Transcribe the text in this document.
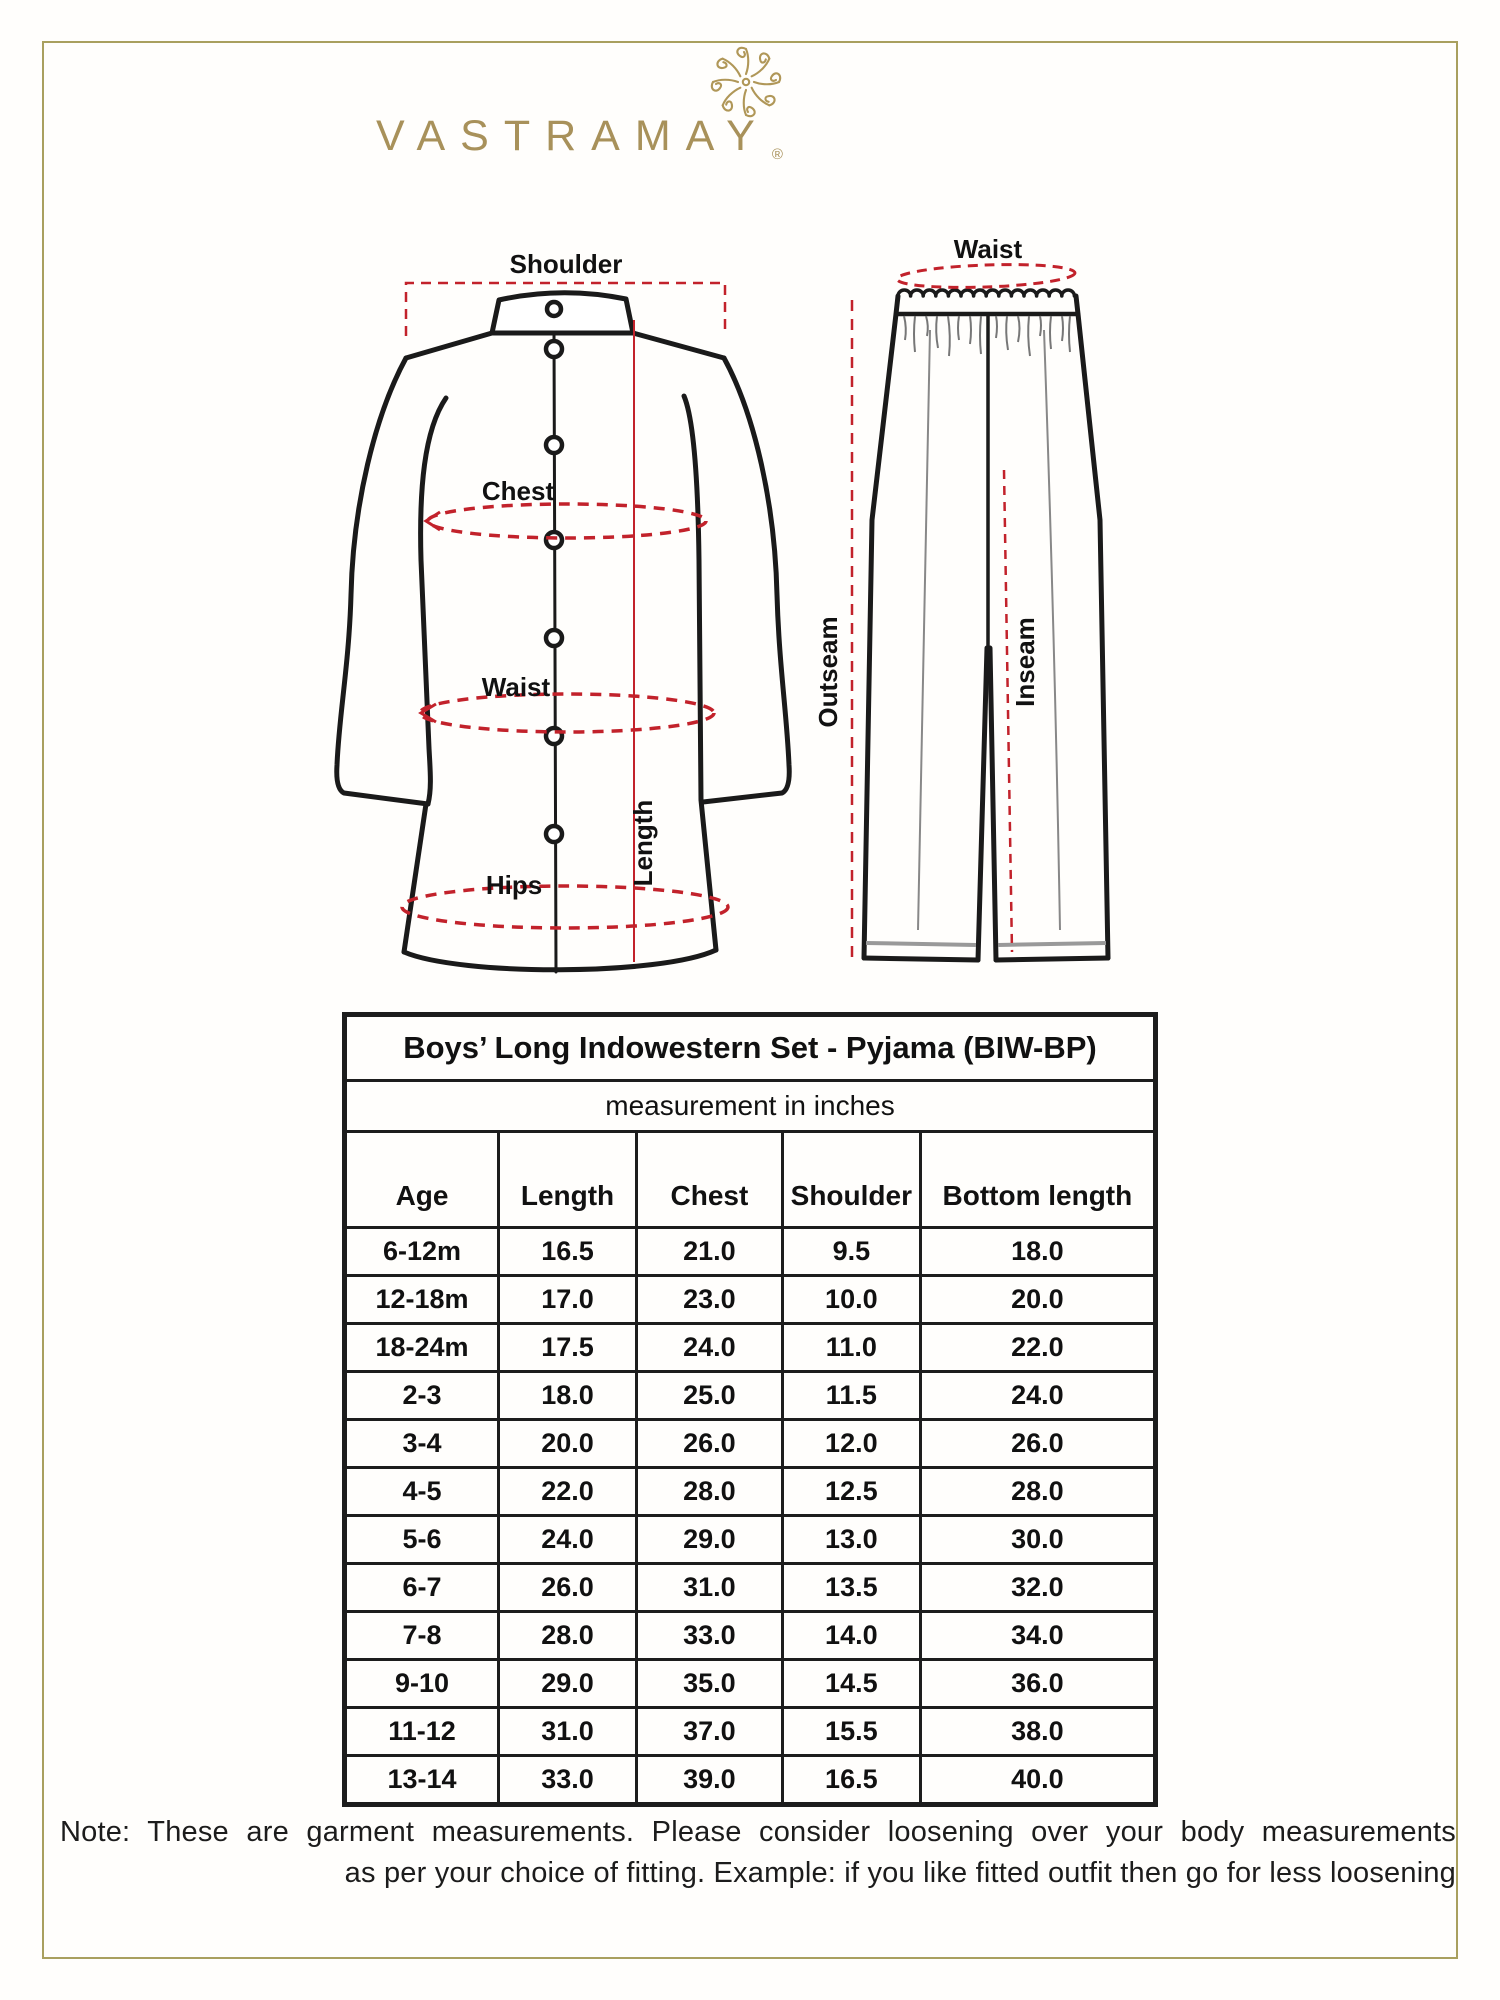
VASTRAMAY $_®$
Shoulder
Chest
Waist
Hips	Length
Waist
Outseam	Inseam
Boys’ Long Indowestern Set - Pyjama (BIW-BP)				
measurement in inches				
Age	Length	Chest	Shoulder	Bottom length
6-12m	16.5	21.0	9.5	18.0
12-18m	17.0	23.0	10.0	20.0
18-24m	17.5	24.0	11.0	22.0
2-3	18.0	25.0	11.5	24.0
3-4	20.0	26.0	12.0	26.0
4-5	22.0	28.0	12.5	28.0
5-6	24.0	29.0	13.0	30.0
6-7	26.0	31.0	13.5	32.0
7-8	28.0	33.0	14.0	34.0
9-10	29.0	35.0	14.5	36.0
11-12	31.0	37.0	15.5	38.0
13-14	33.0	39.0	16.5	40.0
Note: These are garment measurements. Please consider loosening over your body measurements
as per your choice of fitting. Example: if you like fitted outfit then go for less loosening
